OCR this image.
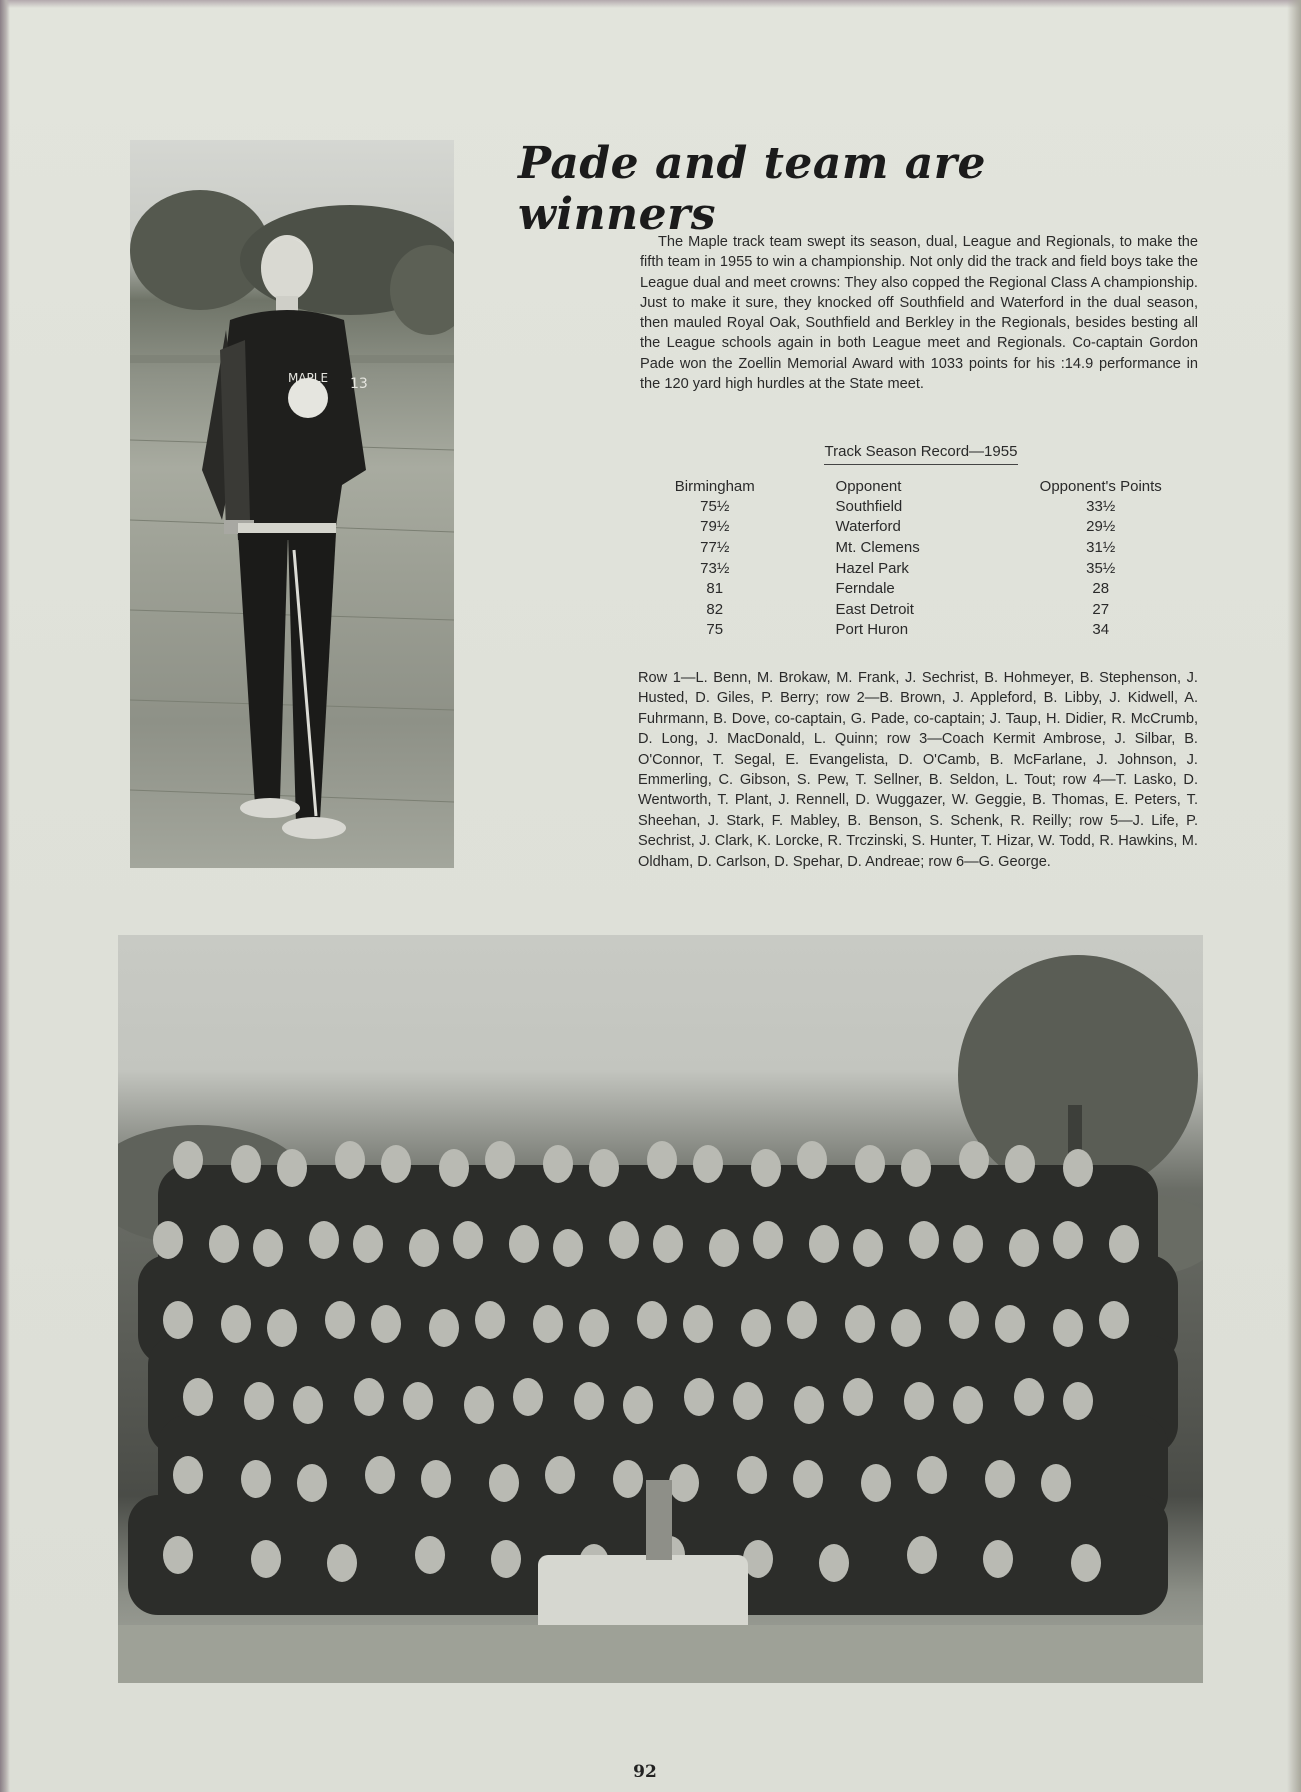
MAPLE 13
Pade and team are winners

The Maple track team swept its season, dual, League and Regionals, to make the fifth team in 1955 to win a championship. Not only did the track and field boys take the League dual and meet crowns: They also copped the Regional Class A championship. Just to make it sure, they knocked off Southfield and Waterford in the dual season, then mauled Royal Oak, Southfield and Berkley in the Regionals, besides besting all the League schools again in both League meet and Regionals. Co-captain Gordon Pade won the Zoellin Memorial Award with 1033 points for his :14.9 performance in the 120 yard high hurdles at the State meet.

Track Season Record—1955
Birmingham	Opponent	Opponent's Points
75½	Southfield	33½
79½	Waterford	29½
77½	Mt. Clemens	31½
73½	Hazel Park	35½
81	Ferndale	28
82	East Detroit	27
75	Port Huron	34

Row 1—L. Benn, M. Brokaw, M. Frank, J. Sechrist, B. Hohmeyer, B. Stephenson, J. Husted, D. Giles, P. Berry; row 2—B. Brown, J. Appleford, B. Libby, J. Kidwell, A. Fuhrmann, B. Dove, co-captain, G. Pade, co-captain; J. Taup, H. Didier, R. McCrumb, D. Long, J. MacDonald, L. Quinn; row 3—Coach Kermit Ambrose, J. Silbar, B. O'Connor, T. Segal, E. Evangelista, D. O'Camb, B. McFarlane, J. Johnson, J. Emmerling, C. Gibson, S. Pew, T. Sellner, B. Seldon, L. Tout; row 4—T. Lasko, D. Wentworth, T. Plant, J. Rennell, D. Wuggazer, W. Geggie, B. Thomas, E. Peters, T. Sheehan, J. Stark, F. Mabley, B. Benson, S. Schenk, R. Reilly; row 5—J. Life, P. Sechrist, J. Clark, K. Lorcke, R. Trczinski, S. Hunter, T. Hizar, W. Todd, R. Hawkins, M. Oldham, D. Carlson, D. Spehar, D. Andreae; row 6—G. George.

92
